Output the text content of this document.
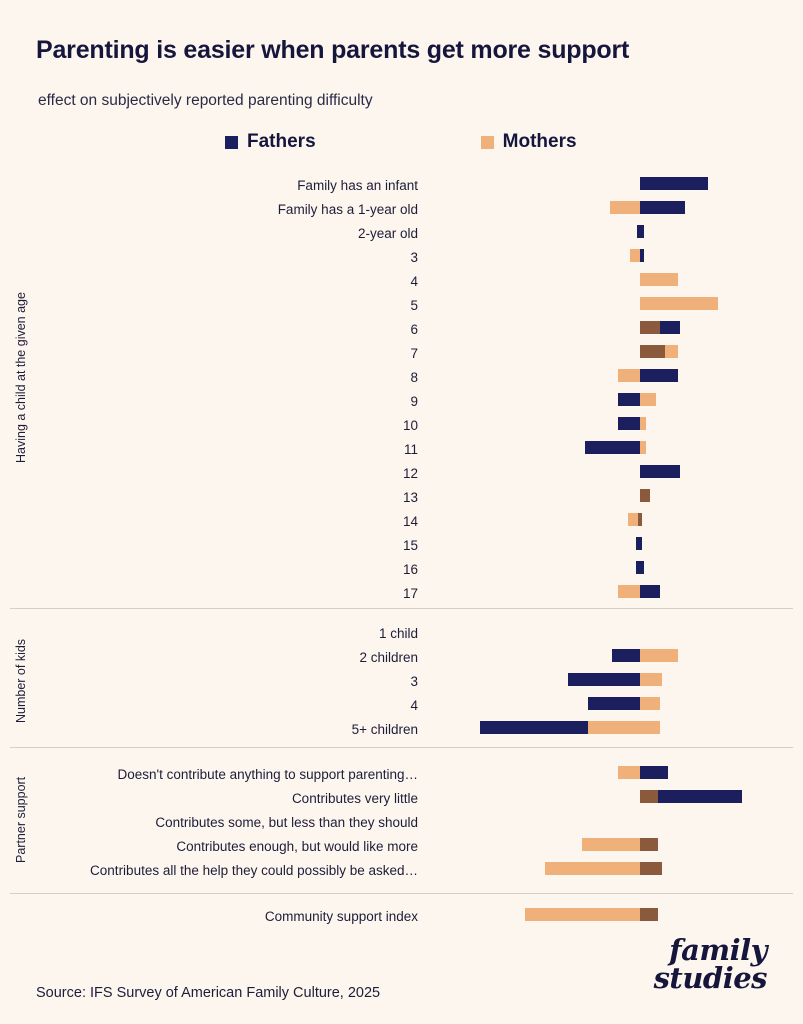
Parenting is easier when parents get more support
effect on subjectively reported parenting difficulty
Fathers	Mothers
Family has an infant
Family has a 1-year old
2-year old
3
4
5
6
7
8
9
10
11
12
13
14
15
16
17
1 child
2 children
3
4
5+ children
Doesn't contribute anything to support parenting…
Contributes very little
Contributes some, but less than they should
Contributes enough, but would like more
Contributes all the help they could possibly be asked…
Community support index
Having a child at the given age
Number of kids
Partner support
Source: IFS Survey of American Family Culture, 2025
family
studies
